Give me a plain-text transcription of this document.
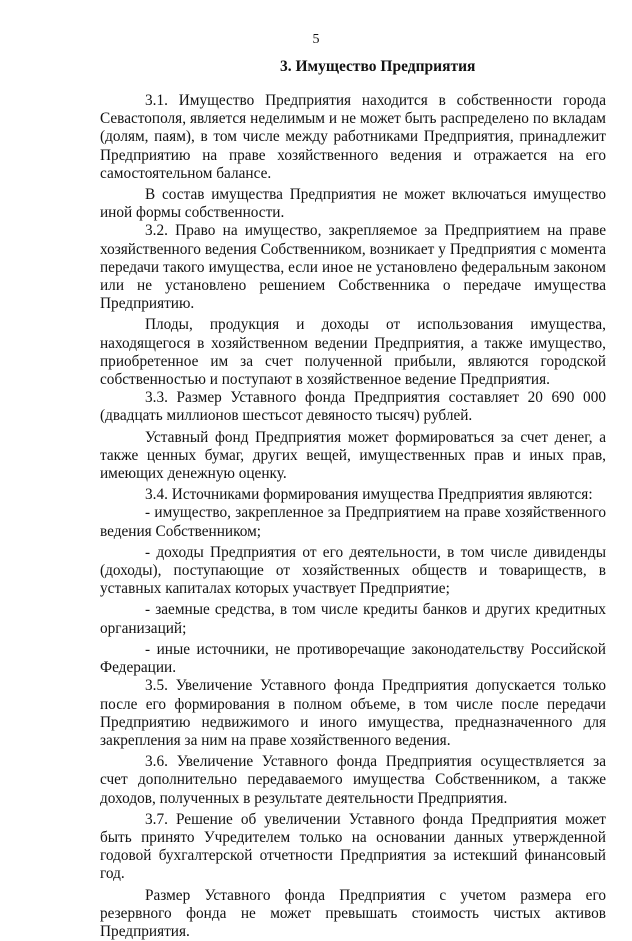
5
3. Имущество Предприятия

3.1. Имущество Предприятия находится в собственности города Севастополя, является неделимым и не может быть распределено по вкладам (долям, паям), в том числе между работниками Предприятия, принадлежит Предприятию на праве хозяйственного ведения и отражается на его самостоятельном балансе.

В состав имущества Предприятия не может включаться имущество иной формы собственности.

3.2. Право на имущество, закрепляемое за Предприятием на праве хозяйственного ведения Собственником, возникает у Предприятия с момента передачи такого имущества, если иное не установлено федеральным законом или не установлено решением Собственника о передаче имущества Предприятию.

Плоды, продукция и доходы от использования имущества, находящегося в хозяйственном ведении Предприятия, а также имущество, приобретенное им за счет полученной прибыли, являются городской собственностью и поступают в хозяйственное ведение Предприятия.

3.3. Размер Уставного фонда Предприятия составляет 20 690 000 (двадцать миллионов шестьсот девяносто тысяч) рублей.

Уставный фонд Предприятия может формироваться за счет денег, а также ценных бумаг, других вещей, имущественных прав и иных прав, имеющих денежную оценку.

3.4. Источниками формирования имущества Предприятия являются:

- имущество, закрепленное за Предприятием на праве хозяйственного ведения Собственником;

- доходы Предприятия от его деятельности, в том числе дивиденды (доходы), поступающие от хозяйственных обществ и товариществ, в уставных капиталах которых участвует Предприятие;

- заемные средства, в том числе кредиты банков и других кредитных организаций;

- иные источники, не противоречащие законодательству Российской Федерации.

3.5. Увеличение Уставного фонда Предприятия допускается только после его формирования в полном объеме, в том числе после передачи Предприятию недвижимого и иного имущества, предназначенного для закрепления за ним на праве хозяйственного ведения.

3.6. Увеличение Уставного фонда Предприятия осуществляется за счет дополнительно передаваемого имущества Собственником, а также доходов, полученных в результате деятельности Предприятия.

3.7. Решение об увеличении Уставного фонда Предприятия может быть принято Учредителем только на основании данных утвержденной годовой бухгалтерской отчетности Предприятия за истекший финансовый год.

Размер Уставного фонда Предприятия с учетом размера его резервного фонда не может превышать стоимость чистых активов Предприятия.
